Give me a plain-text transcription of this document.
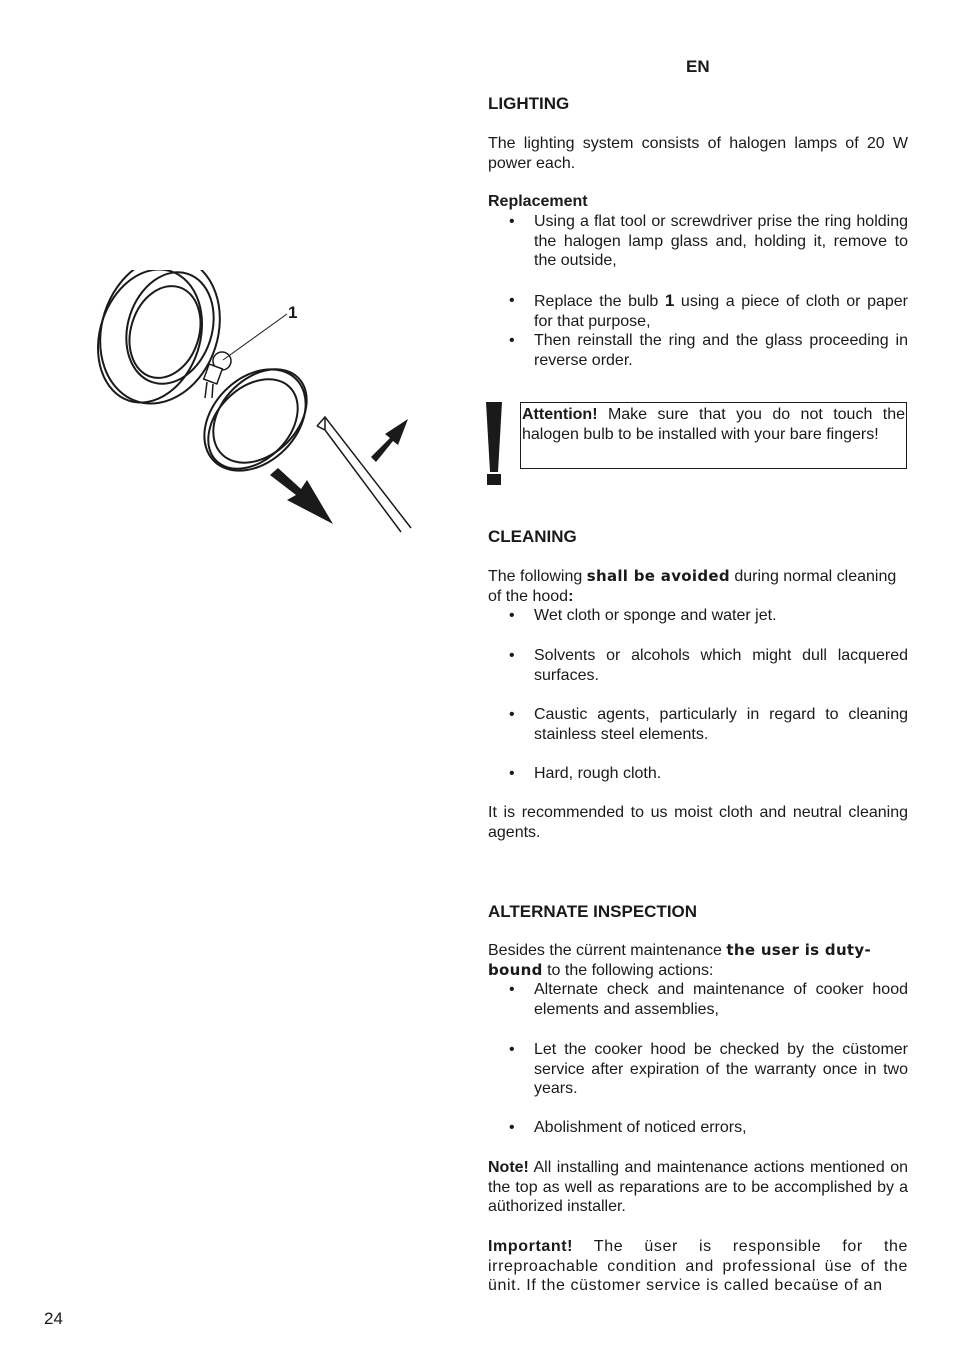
EN
1
LIGHTING
The lighting system consists of halogen lamps of 20 W power each.
Replacement
•	Using a flat tool or screwdriver prise the ring holding the halogen lamp glass and, holding it, remove to the outside,
•	Replace the bulb 1 using a piece of cloth or paper for that purpose,
•	Then reinstall the ring and the glass proceeding in reverse order.
Attention! Make sure that you do not touch the halogen bulb to be installed with your bare fingers!
CLEANING
The following shall be avoided during normal cleaning of the hood:
•	Wet cloth or sponge and water jet.
•	Solvents or alcohols which might dull lacquered surfaces.
•	Caustic agents, particularly in regard to cleaning stainless steel elements.
•	Hard, rough cloth.
It is recommended to us moist cloth and neutral cleaning agents.
ALTERNATE INSPECTION
Besides the cürrent maintenance the user is duty-
bound to the following actions:
•	Alternate check and maintenance of cooker hood elements and assemblies,
•	Let the cooker hood be checked by the cüstomer service after expiration of the warranty once in two years.
•	Abolishment of noticed errors,
Note! All installing and maintenance actions mentioned on the top as well as reparations are to be accomplished by a aüthorized installer.
Important! The üser is responsible for the irreproachable condition and professional üse of the ünit. If the cüstomer service is called becaüse of an
24
